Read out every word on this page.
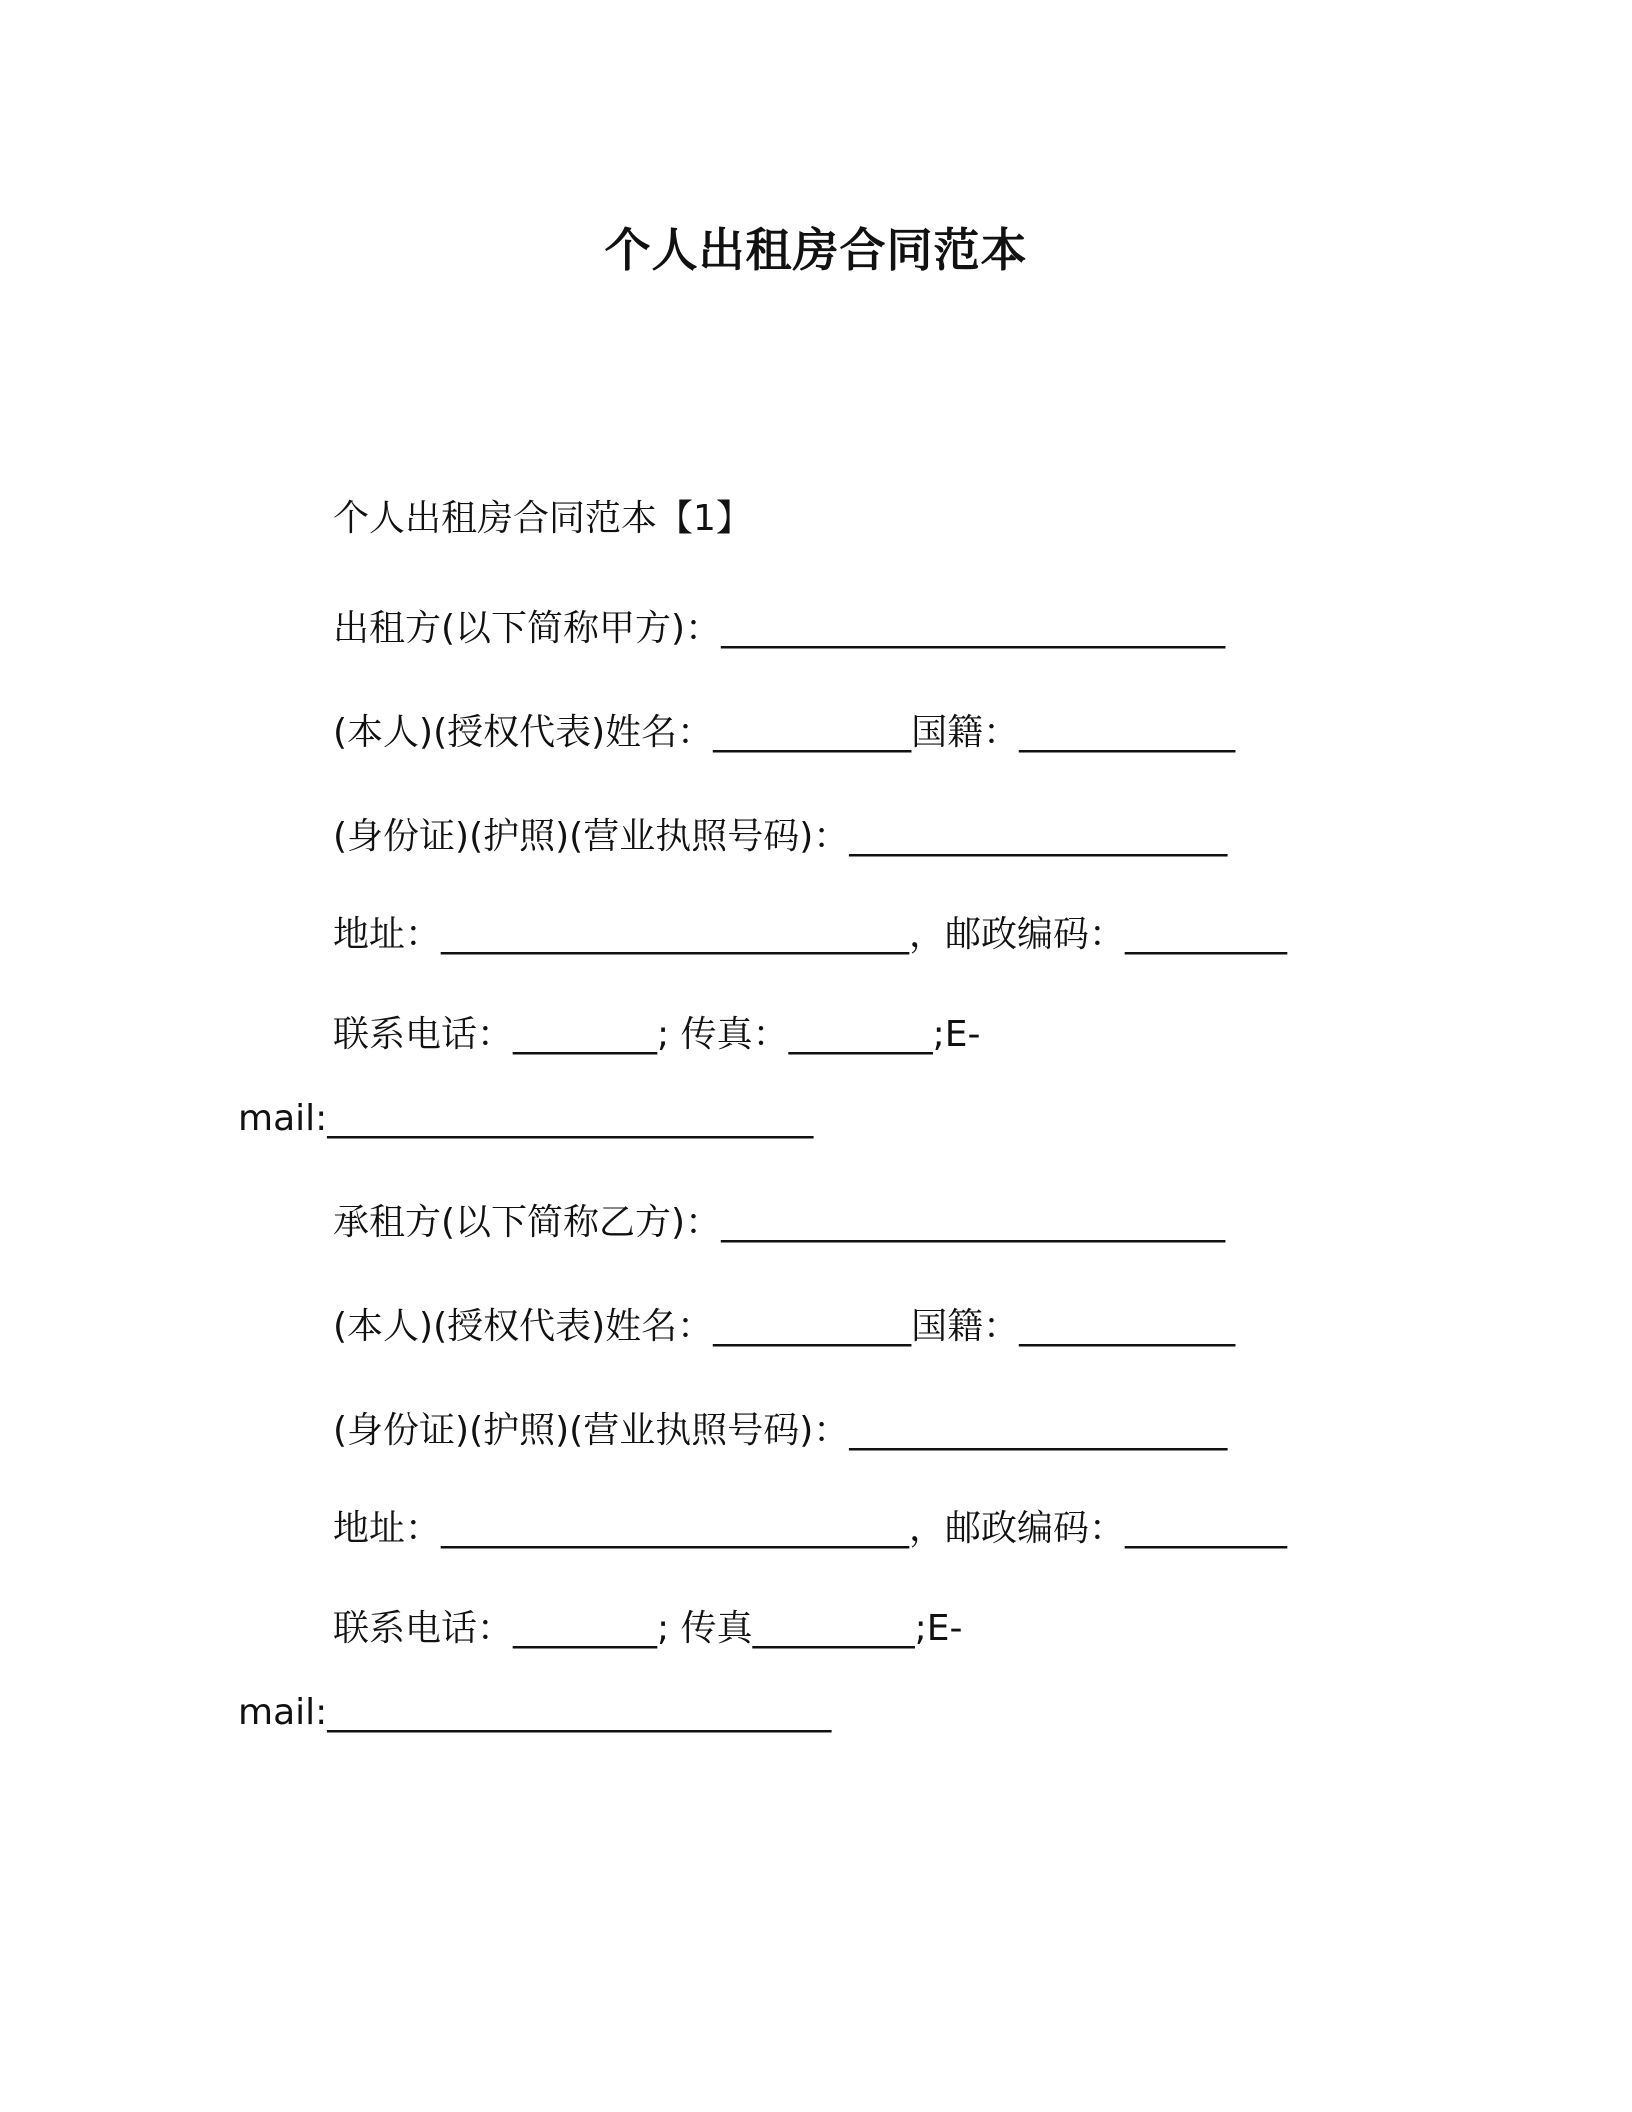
个人出租房合同范本
个人出租房合同范本【1】
出租方(以下简称甲方)：____________________________
(本人)(授权代表)姓名：___________国籍：____________
(身份证)(护照)(营业执照号码)：_____________________
地址：__________________________，邮政编码：_________
联系电话：________; 传真：________;E-
mail:___________________________
承租方(以下简称乙方)：____________________________
(本人)(授权代表)姓名：___________国籍：____________
(身份证)(护照)(营业执照号码)：_____________________
地址：__________________________，邮政编码：_________
联系电话：________; 传真_________;E-
mail:____________________________
